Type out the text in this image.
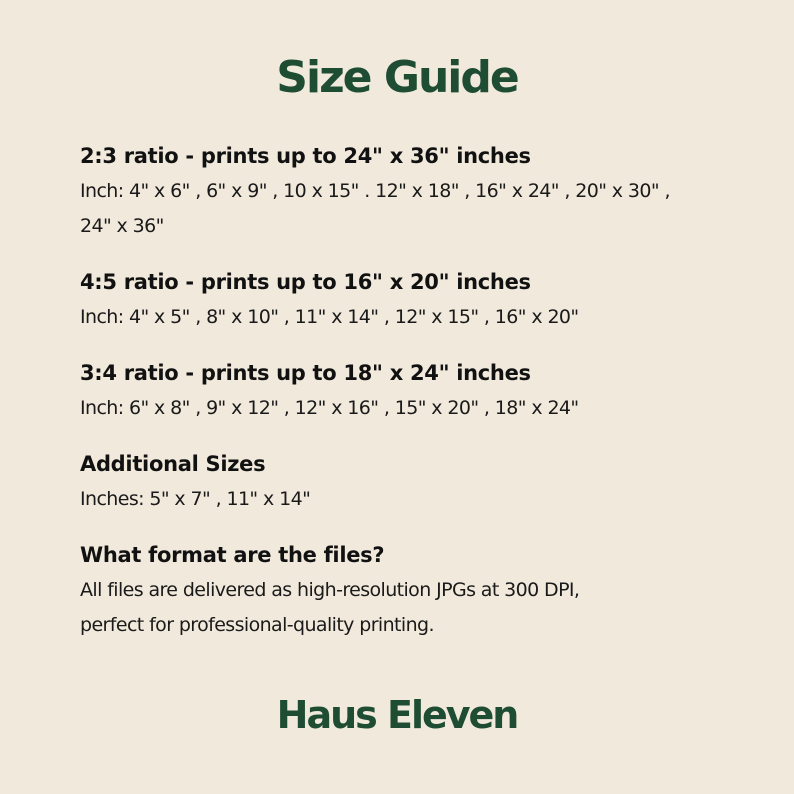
Size Guide
2:3 ratio - prints up to 24" x 36" inches
Inch: 4" x 6" , 6" x 9" , 10 x 15" . 12" x 18" , 16" x 24" , 20" x 30" ,
24" x 36"
4:5 ratio - prints up to 16" x 20" inches
Inch: 4" x 5" , 8" x 10" , 11" x 14" , 12" x 15" , 16" x 20"
3:4 ratio - prints up to 18" x 24" inches
Inch: 6" x 8" , 9" x 12" , 12" x 16" , 15" x 20" , 18" x 24"
Additional Sizes
Inches: 5" x 7" , 11" x 14"
What format are the files?
All files are delivered as high-resolution JPGs at 300 DPI,
perfect for professional-quality printing.
Haus Eleven
